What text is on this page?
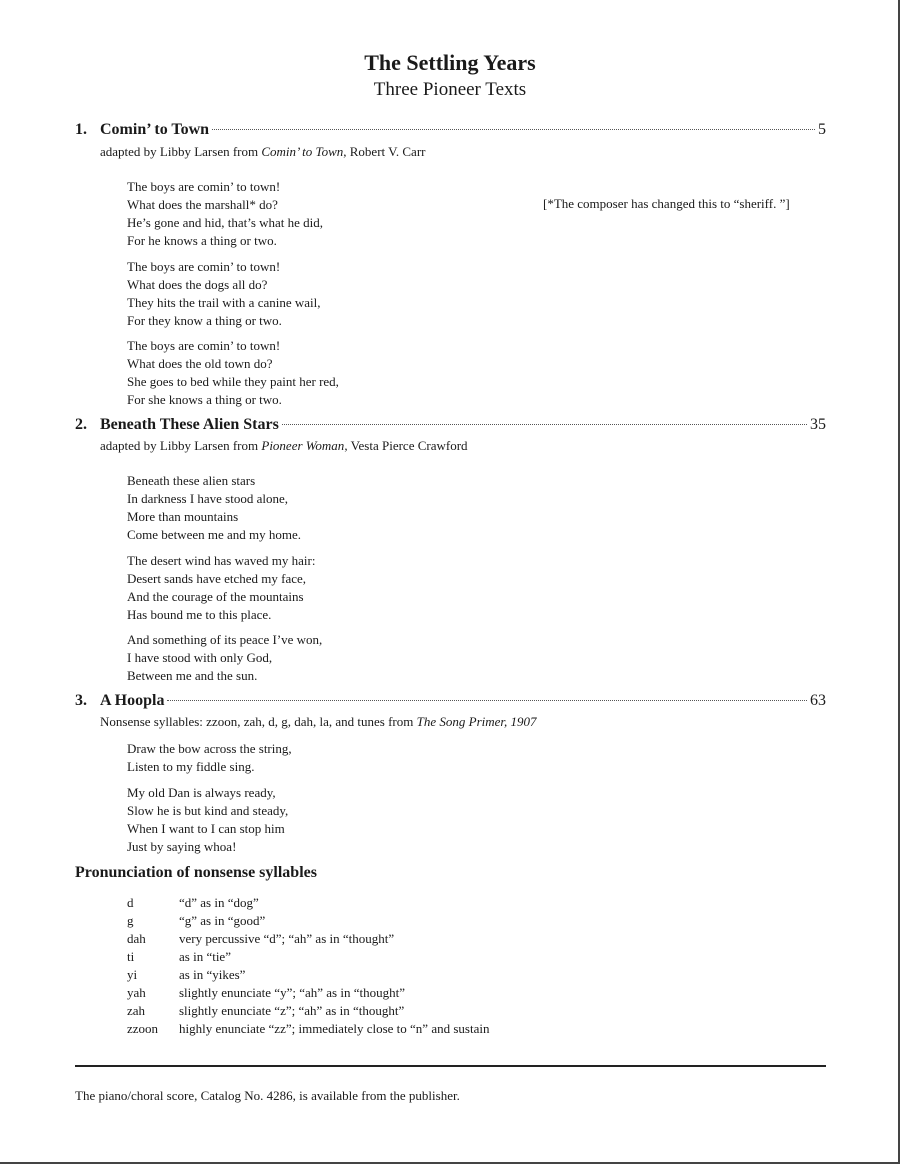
The Settling Years
Three Pioneer Texts
1. Comin’ to Town	5
adapted by Libby Larsen from Comin’ to Town, Robert V. Carr
The boys are comin’ to town!
What does the marshall* do?
He’s gone and hid, that’s what he did,
For he knows a thing or two.
[*The composer has changed this to “sheriff. ”]
The boys are comin’ to town!
What does the dogs all do?
They hits the trail with a canine wail,
For they know a thing or two.
The boys are comin’ to town!
What does the old town do?
She goes to bed while they paint her red,
For she knows a thing or two.
2. Beneath These Alien Stars	35
adapted by Libby Larsen from Pioneer Woman, Vesta Pierce Crawford
Beneath these alien stars
In darkness I have stood alone,
More than mountains
Come between me and my home.
The desert wind has waved my hair:
Desert sands have etched my face,
And the courage of the mountains
Has bound me to this place.
And something of its peace I’ve won,
I have stood with only God,
Between me and the sun.
3. A Hoopla	63
Nonsense syllables: zzoon, zah, d, g, dah, la, and tunes from The Song Primer, 1907
Draw the bow across the string,
Listen to my fiddle sing.
My old Dan is always ready,
Slow he is but kind and steady,
When I want to I can stop him
Just by saying whoa!
Pronunciation of nonsense syllables
d	“d” as in “dog”
g	“g” as in “good”
dah	very percussive “d”; “ah” as in “thought”
ti	as in “tie”
yi	as in “yikes”
yah	slightly enunciate “y”; “ah” as in “thought”
zah	slightly enunciate “z”; “ah” as in “thought”
zzoon	highly enunciate “zz”; immediately close to “n” and sustain
The piano/choral score, Catalog No. 4286, is available from the publisher.
